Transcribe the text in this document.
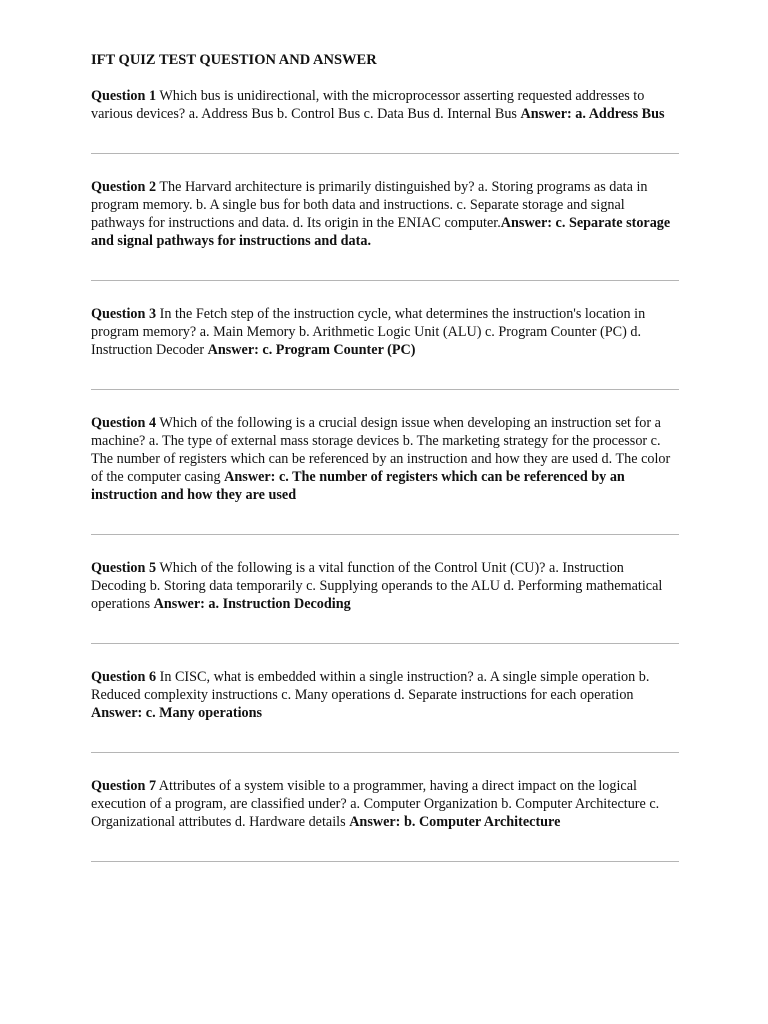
IFT QUIZ TEST QUESTION AND ANSWER

Question 1 Which bus is unidirectional, with the microprocessor asserting requested addresses to various devices? a. Address Bus b. Control Bus c. Data Bus d. Internal Bus Answer: a. Address Bus

Question 2 The Harvard architecture is primarily distinguished by? a. Storing programs as data in program memory. b. A single bus for both data and instructions. c. Separate storage and signal pathways for instructions and data. d. Its origin in the ENIAC computer.Answer: c. Separate storage and signal pathways for instructions and data.

Question 3 In the Fetch step of the instruction cycle, what determines the instruction's location in program memory? a. Main Memory b. Arithmetic Logic Unit (ALU) c. Program Counter (PC) d. Instruction Decoder Answer: c. Program Counter (PC)

Question 4 Which of the following is a crucial design issue when developing an instruction set for a machine? a. The type of external mass storage devices b. The marketing strategy for the processor c. The number of registers which can be referenced by an instruction and how they are used d. The color of the computer casing Answer: c. The number of registers which can be referenced by an instruction and how they are used

Question 5 Which of the following is a vital function of the Control Unit (CU)? a. Instruction Decoding b. Storing data temporarily c. Supplying operands to the ALU d. Performing mathematical operations Answer: a. Instruction Decoding

Question 6 In CISC, what is embedded within a single instruction? a. A single simple operation b. Reduced complexity instructions c. Many operations d. Separate instructions for each operation Answer: c. Many operations

Question 7 Attributes of a system visible to a programmer, having a direct impact on the logical execution of a program, are classified under? a. Computer Organization b. Computer Architecture c. Organizational attributes d. Hardware details Answer: b. Computer Architecture
